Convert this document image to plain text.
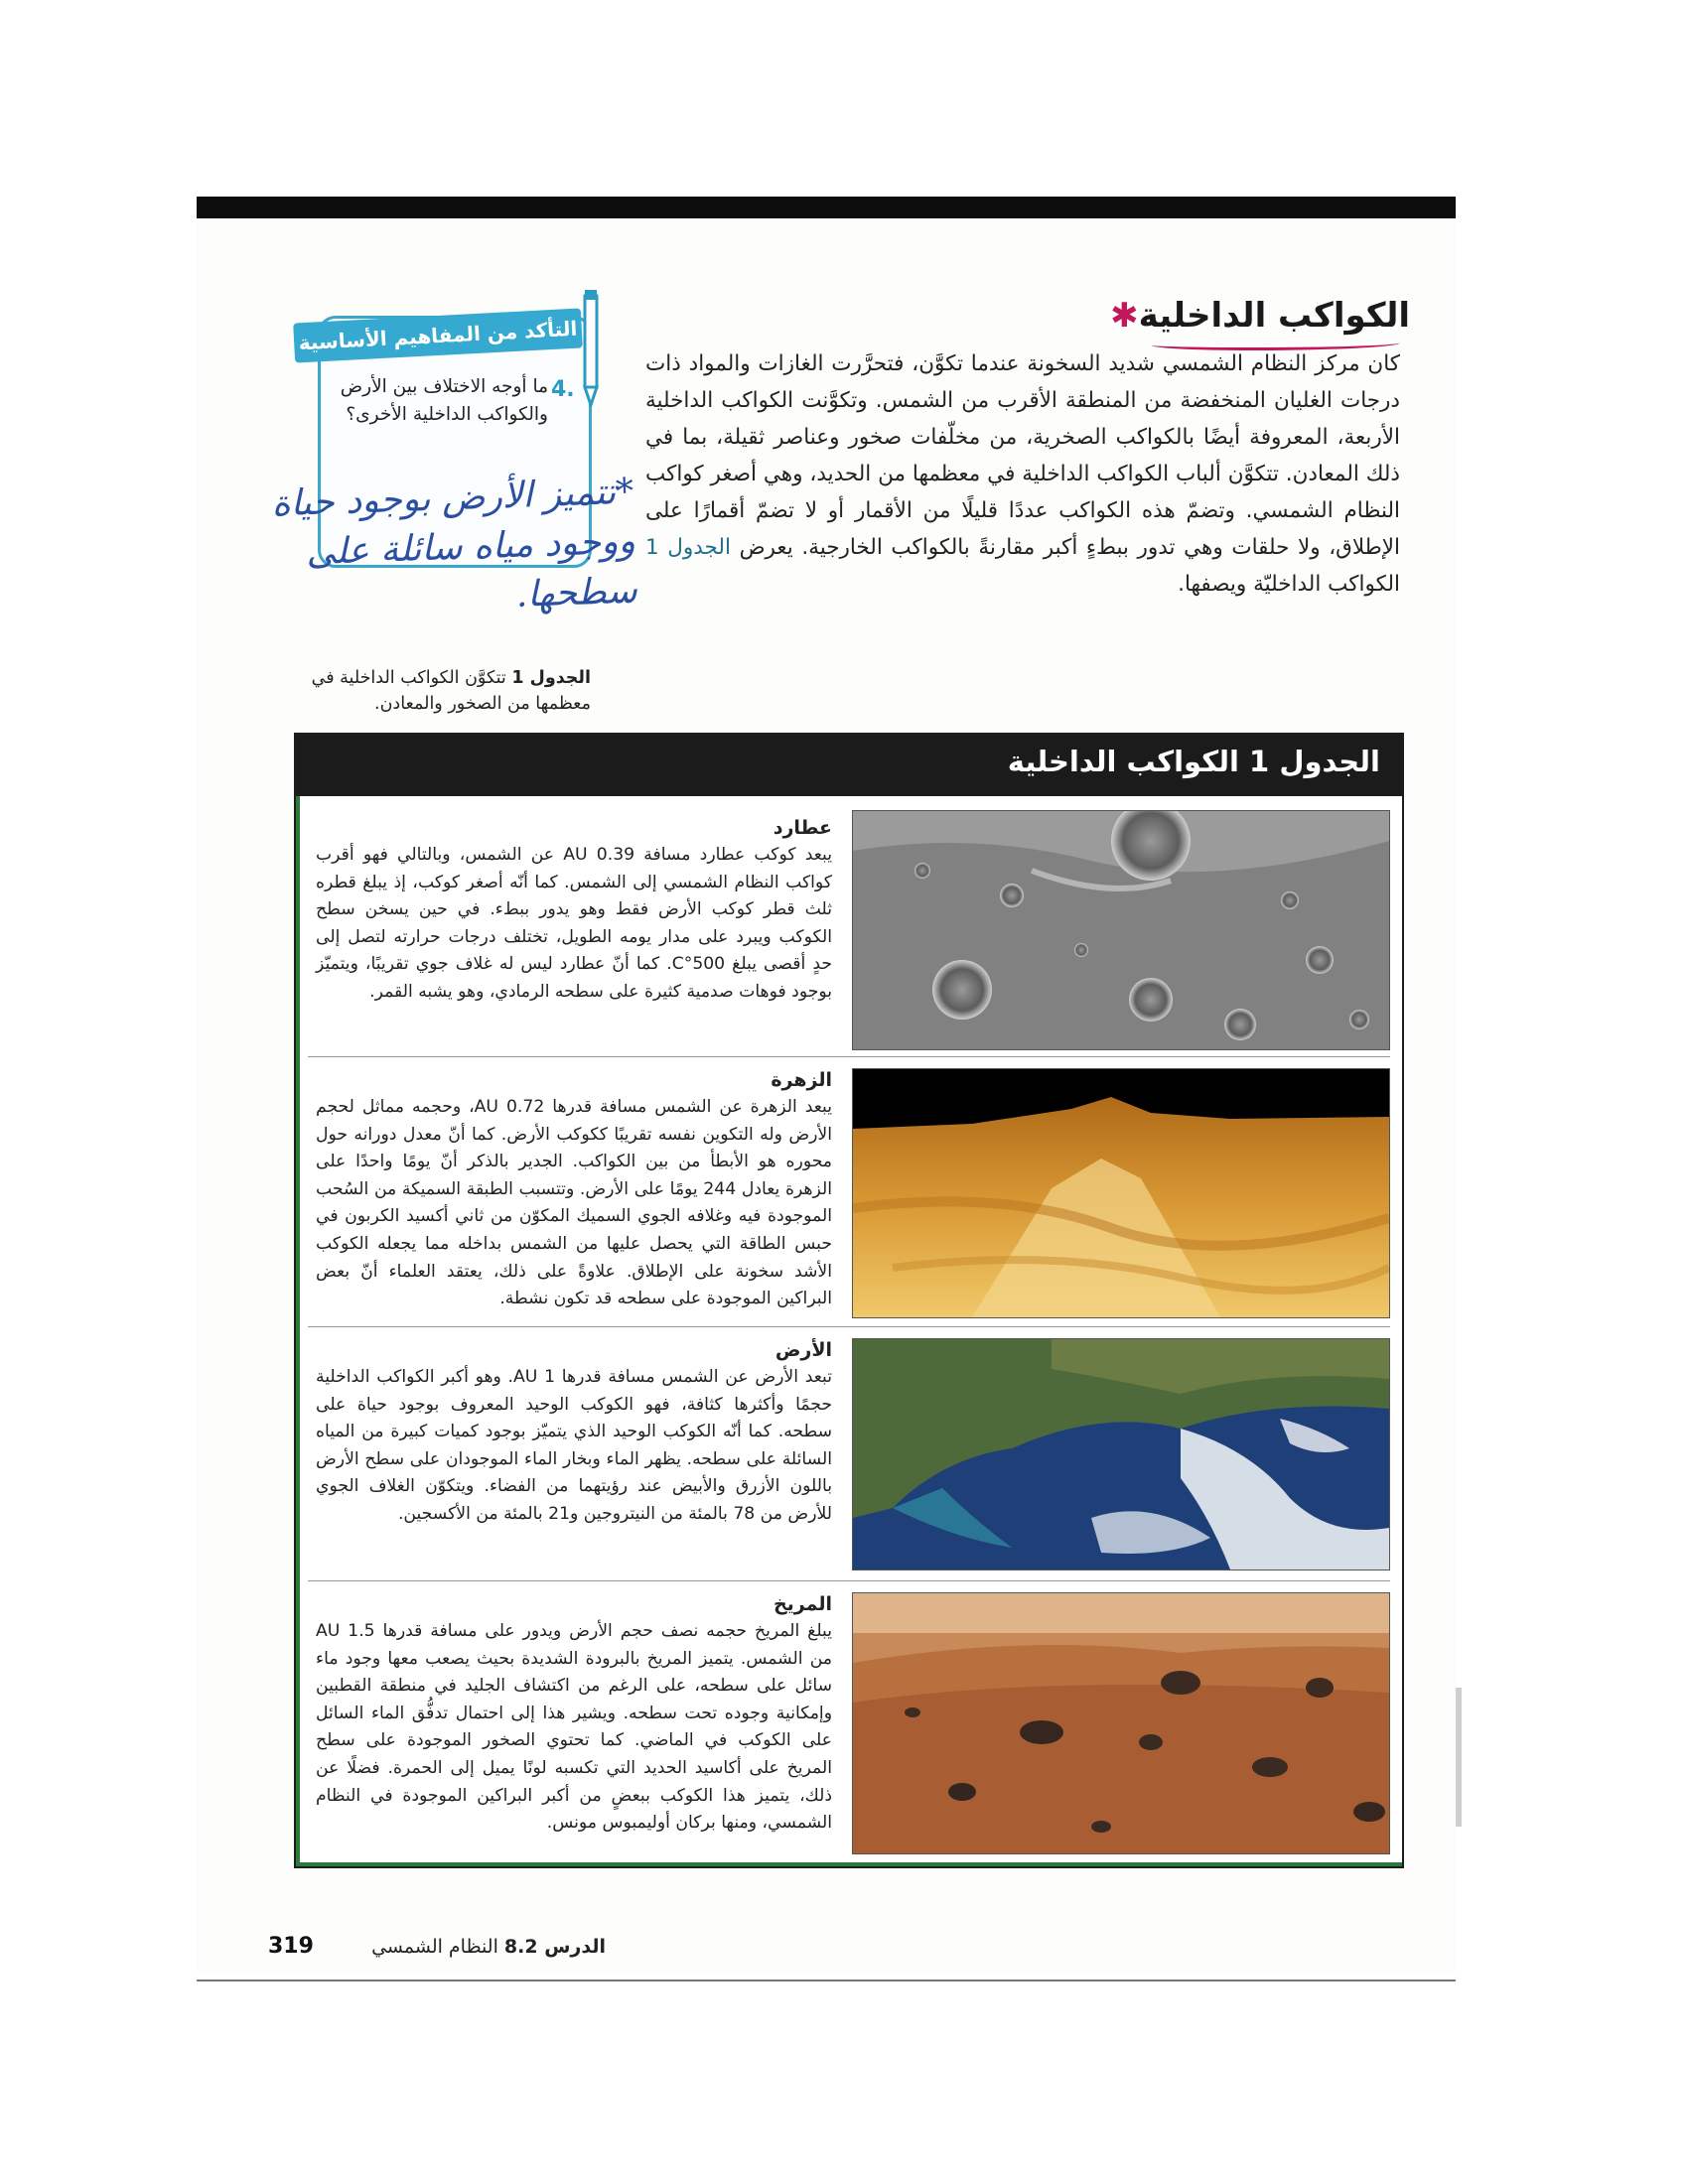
الكواكب الداخلية✱
كان مركز النظام الشمسي شديد السخونة عندما تكوَّن، فتحرَّرت الغازات والمواد ذات درجات الغليان المنخفضة من المنطقة الأقرب من الشمس. وتكوَّنت الكواكب الداخلية الأربعة، المعروفة أيضًا بالكواكب الصخرية، من مخلّفات صخور وعناصر ثقيلة، بما في ذلك المعادن. تتكوَّن ألباب الكواكب الداخلية في معظمها من الحديد، وهي أصغر كواكب النظام الشمسي. وتضمّ هذه الكواكب عددًا قليلًا من الأقمار أو لا تضمّ أقمارًا على الإطلاق، ولا حلقات وهي تدور ببطءٍ أكبر مقارنةً بالكواكب الخارجية. يعرض الجدول 1 الكواكب الداخليّة ويصفها.
التأكد من المفاهيم الأساسية
4.
ما أوجه الاختلاف بين الأرض والكواكب الداخلية الأخرى؟
*تتميز الأرض بوجود حياة ووجود مياه سائلة على سطحها.
الجدول 1 تتكوَّن الكواكب الداخلية في معظمها من الصخور والمعادن.
الجدول 1 الكواكب الداخلية
عطارد
يبعد كوكب عطارد مسافة 0.39 AU عن الشمس، وبالتالي فهو أقرب كواكب النظام الشمسي إلى الشمس. كما أنّه أصغر كوكب، إذ يبلغ قطره ثلث قطر كوكب الأرض فقط وهو يدور ببطء. في حين يسخن سطح الكوكب ويبرد على مدار يومه الطويل، تختلف درجات حرارته لتصل إلى حدٍ أقصى يبلغ 500°C. كما أنّ عطارد ليس له غلاف جوي تقريبًا، ويتميّز بوجود فوهات صدمية كثيرة على سطحه الرمادي، وهو يشبه القمر.
الزهرة
يبعد الزهرة عن الشمس مسافة قدرها 0.72 AU، وحجمه مماثل لحجم الأرض وله التكوين نفسه تقريبًا ككوكب الأرض. كما أنّ معدل دورانه حول محوره هو الأبطأ من بين الكواكب. الجدير بالذكر أنّ يومًا واحدًا على الزهرة يعادل 244 يومًا على الأرض. وتتسبب الطبقة السميكة من السُحب الموجودة فيه وغلافه الجوي السميك المكوّن من ثاني أكسيد الكربون في حبس الطاقة التي يحصل عليها من الشمس بداخله مما يجعله الكوكب الأشد سخونة على الإطلاق. علاوةً على ذلك، يعتقد العلماء أنّ بعض البراكين الموجودة على سطحه قد تكون نشطة.
الأرض
تبعد الأرض عن الشمس مسافة قدرها 1 AU. وهو أكبر الكواكب الداخلية حجمًا وأكثرها كثافة، فهو الكوكب الوحيد المعروف بوجود حياة على سطحه. كما أنّه الكوكب الوحيد الذي يتميّز بوجود كميات كبيرة من المياه السائلة على سطحه. يظهر الماء وبخار الماء الموجودان على سطح الأرض باللون الأزرق والأبيض عند رؤيتهما من الفضاء. ويتكوّن الغلاف الجوي للأرض من 78 بالمئة من النيتروجين و21 بالمئة من الأكسجين.
المريخ
يبلغ المريخ حجمه نصف حجم الأرض ويدور على مسافة قدرها 1.5 AU من الشمس. يتميز المريخ بالبرودة الشديدة بحيث يصعب معها وجود ماء سائل على سطحه، على الرغم من اكتشاف الجليد في منطقة القطبين وإمكانية وجوده تحت سطحه. ويشير هذا إلى احتمال تدفُّق الماء السائل على الكوكب في الماضي. كما تحتوي الصخور الموجودة على سطح المريخ على أكاسيد الحديد التي تكسبه لونًا يميل إلى الحمرة. فضلًا عن ذلك، يتميز هذا الكوكب ببعضٍ من أكبر البراكين الموجودة في النظام الشمسي، ومنها بركان أوليمبوس مونس.
319	الدرس 8.2 النظام الشمسي
